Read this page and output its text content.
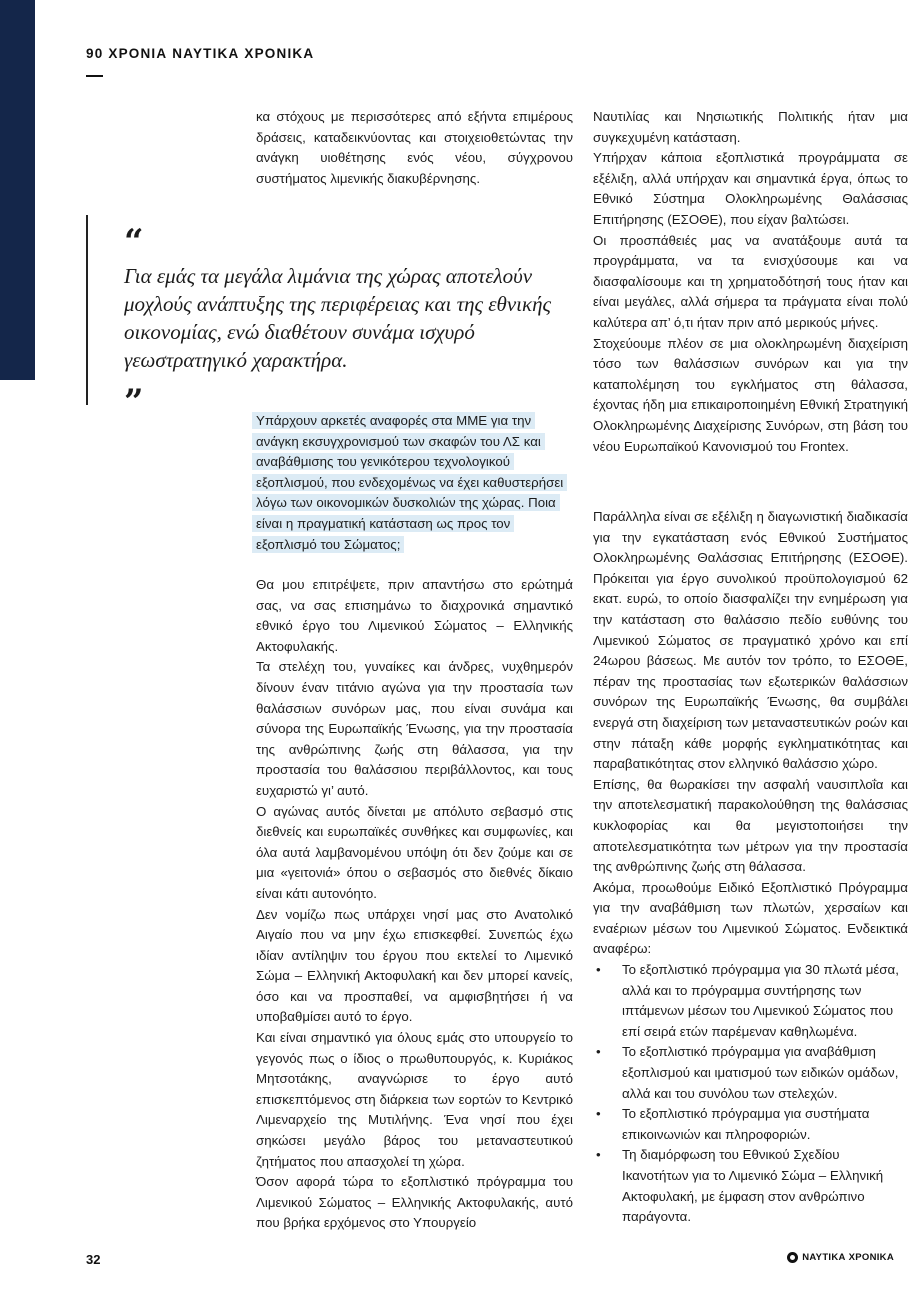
90 ΧΡΟΝΙΑ ΝΑΥΤΙΚΑ ΧΡΟΝΙΚΑ

κα στόχους με περισσότερες από εξήντα επιμέρους δράσεις, καταδεικνύοντας και στοιχειοθετώντας την ανάγκη υιοθέτησης ενός νέου, σύγχρονου συστήματος λιμενικής διακυβέρνησης.

“
Για εμάς τα μεγάλα λιμάνια της χώρας αποτελούν μοχλούς ανάπτυξης της περιφέρειας και της εθνικής οικονομίας, ενώ διαθέτουν συνάμα ισχυρό γεωστρατηγικό χαρακτήρα.
”	Υπάρχουν αρκετές αναφορές στα ΜΜΕ για την ανάγκη εκσυγχρονισμού των σκαφών του ΛΣ και αναβάθμισης του γενικότερου τεχνολογικού εξοπλισμού, που ενδεχομένως να έχει καθυστερήσει λόγω των οικονομικών δυσκολιών της χώρας. Ποια είναι η πραγματική κατάσταση ως προς τον εξοπλισμό του Σώματος;

Θα μου επιτρέψετε, πριν απαντήσω στο ερώτημά σας, να σας επισημάνω το διαχρονικά σημαντικό εθνικό έργο του Λιμενικού Σώματος – Ελληνικής Ακτοφυλακής.

Τα στελέχη του, γυναίκες και άνδρες, νυχθημερόν δίνουν έναν τιτάνιο αγώνα για την προστασία των θαλάσσιων συνόρων μας, που είναι συνάμα και σύνορα της Ευρωπαϊκής Ένωσης, για την προστασία της ανθρώπινης ζωής στη θάλασσα, για την προστασία του θαλάσσιου περιβάλλοντος, και τους ευχαριστώ γι’ αυτό.

Ο αγώνας αυτός δίνεται με απόλυτο σεβασμό στις διεθνείς και ευρωπαϊκές συνθήκες και συμφωνίες, και όλα αυτά λαμβανομένου υπόψη ότι δεν ζούμε και σε μια «γειτονιά» όπου ο σεβασμός στο διεθνές δίκαιο είναι κάτι αυτονόητο.

Δεν νομίζω πως υπάρχει νησί μας στο Ανατολικό Αιγαίο που να μην έχω επισκεφθεί. Συνεπώς έχω ιδίαν αντίληψιν του έργου που εκτελεί το Λιμενικό Σώμα – Ελληνική Ακτοφυλακή και δεν μπορεί κανείς, όσο και να προσπαθεί, να αμφισβητήσει ή να υποβαθμίσει αυτό το έργο.

Και είναι σημαντικό για όλους εμάς στο υπουργείο το γεγονός πως ο ίδιος ο πρωθυπουργός, κ. Κυριάκος Μητσοτάκης, αναγνώρισε το έργο αυτό επισκεπτόμενος στη διάρκεια των εορτών το Κεντρικό Λιμεναρχείο της Μυτιλήνης. Ένα νησί που έχει σηκώσει μεγάλο βάρος του μεταναστευτικού ζητήματος που απασχολεί τη χώρα.

Όσον αφορά τώρα το εξοπλιστικό πρόγραμμα του Λιμενικού Σώματος – Ελληνικής Ακτοφυλακής, αυτό που βρήκα ερχόμενος στο Υπουργείο

Ναυτιλίας και Νησιωτικής Πολιτικής ήταν μια συγκεχυμένη κατάσταση.

Υπήρχαν κάποια εξοπλιστικά προγράμματα σε εξέλιξη, αλλά υπήρχαν και σημαντικά έργα, όπως το Εθνικό Σύστημα Ολοκληρωμένης Θαλάσσιας Επιτήρησης (ΕΣΟΘΕ), που είχαν βαλτώσει.

Οι προσπάθειές μας να ανατάξουμε αυτά τα προγράμματα, να τα ενισχύσουμε και να διασφαλίσουμε και τη χρηματοδότησή τους ήταν και είναι μεγάλες, αλλά σήμερα τα πράγματα είναι πολύ καλύτερα απ’ ό,τι ήταν πριν από μερικούς μήνες.

Στοχεύουμε πλέον σε μια ολοκληρωμένη διαχείριση τόσο των θαλάσσιων συνόρων και για την καταπολέμηση του εγκλήματος στη θάλασσα, έχοντας ήδη μια επικαιροποιημένη Εθνική Στρατηγική Ολοκληρωμένης Διαχείρισης Συνόρων, στη βάση του νέου Ευρωπαϊκού Κανονισμού του Frontex.

Παράλληλα είναι σε εξέλιξη η διαγωνιστική διαδικασία για την εγκατάσταση ενός Εθνικού Συστήματος Ολοκληρωμένης Θαλάσσιας Επιτήρησης (ΕΣΟΘΕ). Πρόκειται για έργο συνολικού προϋπολογισμού 62 εκατ. ευρώ, το οποίο διασφαλίζει την ενημέρωση για την κατάσταση στο θαλάσσιο πεδίο ευθύνης του Λιμενικού Σώματος σε πραγματικό χρόνο και επί 24ωρου βάσεως. Με αυτόν τον τρόπο, το ΕΣΟΘΕ, πέραν της προστασίας των εξωτερικών θαλάσσιων συνόρων της Ευρωπαϊκής Ένωσης, θα συμβάλει ενεργά στη διαχείριση των μεταναστευτικών ροών και στην πάταξη κάθε μορφής εγκληματικότητας και παραβατικότητας στον ελληνικό θαλάσσιο χώρο.

Επίσης, θα θωρακίσει την ασφαλή ναυσιπλοΐα και την αποτελεσματική παρακολούθηση της θαλάσσιας κυκλοφορίας και θα μεγιστοποιήσει την αποτελεσματικότητα των μέτρων για την προστασία της ανθρώπινης ζωής στη θάλασσα.

Ακόμα, προωθούμε Ειδικό Εξοπλιστικό Πρόγραμμα για την αναβάθμιση των πλωτών, χερσαίων και εναέριων μέσων του Λιμενικού Σώματος. Ενδεικτικά αναφέρω:

• Το εξοπλιστικό πρόγραμμα για 30 πλωτά μέσα, αλλά και το πρόγραμμα συντήρησης των ιπτάμενων μέσων του Λιμενικού Σώματος που επί σειρά ετών παρέμεναν καθηλωμένα.
• Το εξοπλιστικό πρόγραμμα για αναβάθμιση εξοπλισμού και ιματισμού των ειδικών ομάδων, αλλά και του συνόλου των στελεχών.
• Το εξοπλιστικό πρόγραμμα για συστήματα επικοινωνιών και πληροφοριών.
• Τη διαμόρφωση του Εθνικού Σχεδίου Ικανοτήτων για το Λιμενικό Σώμα – Ελληνική Ακτοφυλακή, με έμφαση στον ανθρώπινο παράγοντα.
32	ΝΑΥΤΙΚΑ ΧΡΟΝΙΚΑ
